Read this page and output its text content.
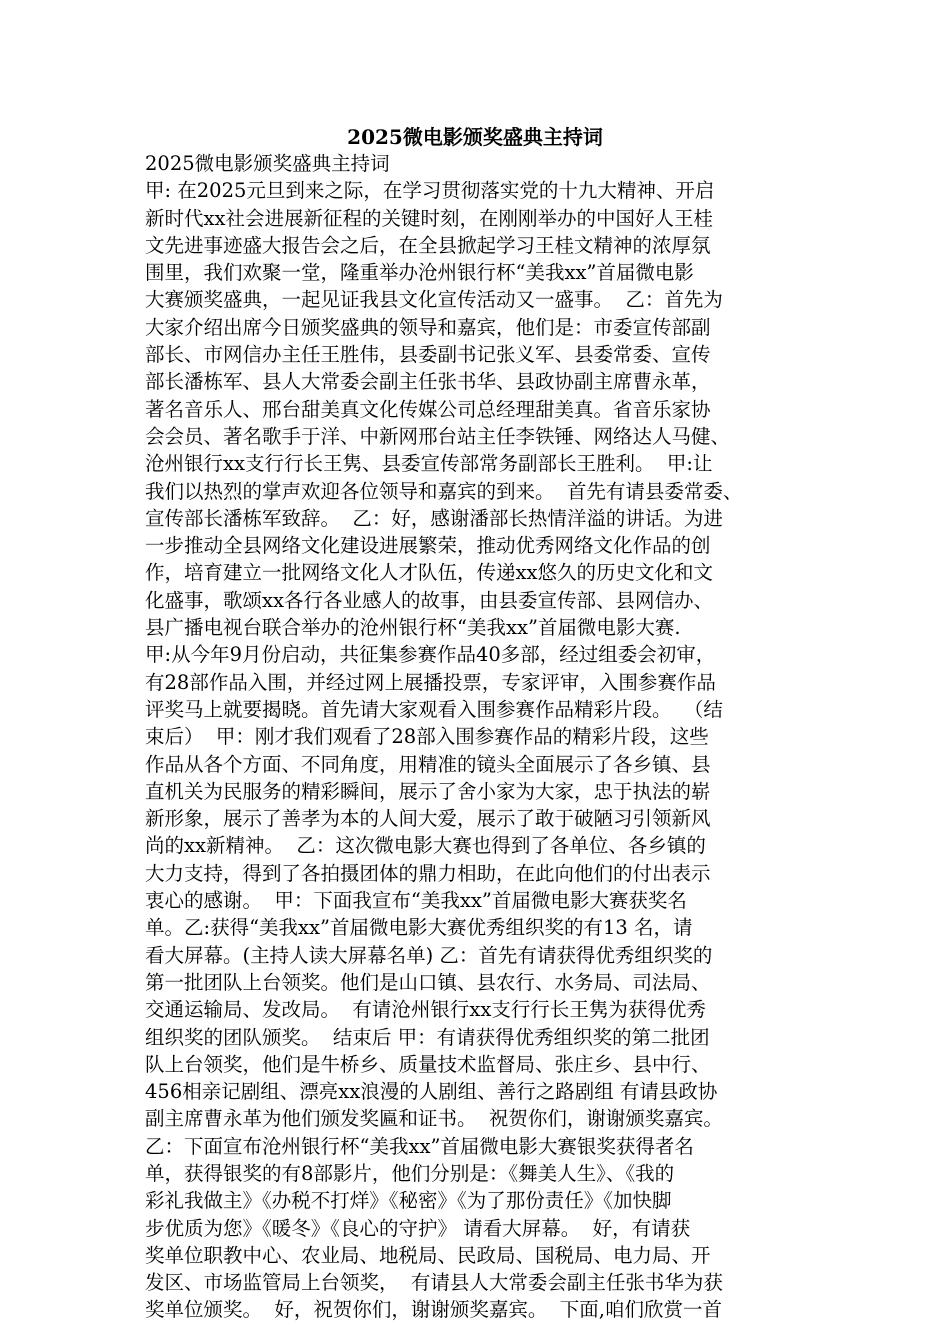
2025微电影颁奖盛典主持词
2025微电影颁奖盛典主持词
甲: 在2025元旦到来之际，在学习贯彻落实党的十九大精神、开启
新时代xx社会进展新征程的关键时刻，在刚刚举办的中国好人王桂
文先进事迹盛大报告会之后，在全县掀起学习王桂文精神的浓厚氛
围里，我们欢聚一堂，隆重举办沧州银行杯“美我xx”首届微电影
大赛颁奖盛典，一起见证我县文化宣传活动又一盛事。  乙：首先为
大家介绍出席今日颁奖盛典的领导和嘉宾，他们是：市委宣传部副
部长、市网信办主任王胜伟，县委副书记张义军、县委常委、宣传
部长潘栋军、县人大常委会副主任张书华、县政协副主席曹永革，
著名音乐人、邢台甜美真文化传媒公司总经理甜美真。省音乐家协
会会员、著名歌手于洋、中新网邢台站主任李铁锤、网络达人马健、
沧州银行xx支行行长王隽、县委宣传部常务副部长王胜利。  甲:让
我们以热烈的掌声欢迎各位领导和嘉宾的到来。  首先有请县委常委、
宣传部长潘栋军致辞。  乙：好，感谢潘部长热情洋溢的讲话。为进
一步推动全县网络文化建设进展繁荣，推动优秀网络文化作品的创
作，培育建立一批网络文化人才队伍，传递xx悠久的历史文化和文
化盛事，歌颂xx各行各业感人的故事，由县委宣传部、县网信办、
县广播电视台联合举办的沧州银行杯“美我xx”首届微电影大赛.
甲:从今年9月份启动，共征集参赛作品40多部，经过组委会初审，
有28部作品入围，并经过网上展播投票，专家评审，入围参赛作品
评奖马上就要揭晓。首先请大家观看入围参赛作品精彩片段。  （结
束后）  甲：刚才我们观看了28部入围参赛作品的精彩片段，这些
作品从各个方面、不同角度，用精准的镜头全面展示了各乡镇、县
直机关为民服务的精彩瞬间，展示了舍小家为大家，忠于执法的崭
新形象，展示了善孝为本的人间大爱，展示了敢于破陋习引领新风
尚的xx新精神。  乙：这次微电影大赛也得到了各单位、各乡镇的
大力支持，得到了各拍摄团体的鼎力相助，在此向他们的付出表示
衷心的感谢。  甲：下面我宣布“美我xx”首届微电影大赛获奖名
单。乙:获得“美我xx”首届微电影大赛优秀组织奖的有13 名，请
看大屏幕。(主持人读大屏幕名单) 乙：首先有请获得优秀组织奖的
第一批团队上台领奖。他们是山口镇、县农行、水务局、司法局、
交通运输局、发改局。  有请沧州银行xx支行行长王隽为获得优秀
组织奖的团队颁奖。  结束后 甲：有请获得优秀组织奖的第二批团
队上台领奖，他们是牛桥乡、质量技术监督局、张庄乡、县中行、
456相亲记剧组、漂亮xx浪漫的人剧组、善行之路剧组 有请县政协
副主席曹永革为他们颁发奖匾和证书。  祝贺你们，谢谢颁奖嘉宾。
乙：下面宣布沧州银行杯“美我xx”首届微电影大赛银奖获得者名
单，获得银奖的有8部影片，他们分别是：《舞美人生》、《我的
彩礼我做主》《办税不打烊》《秘密》《为了那份责任》《加快脚
步优质为您》《暖冬》《良心的守护》 请看大屏幕。  好，有请获
奖单位职教中心、农业局、地税局、民政局、国税局、电力局、开
发区、市场监管局上台领奖，  有请县人大常委会副主任张书华为获
奖单位颁奖。  好，祝贺你们，谢谢颁奖嘉宾。  下面,咱们欣赏一首
